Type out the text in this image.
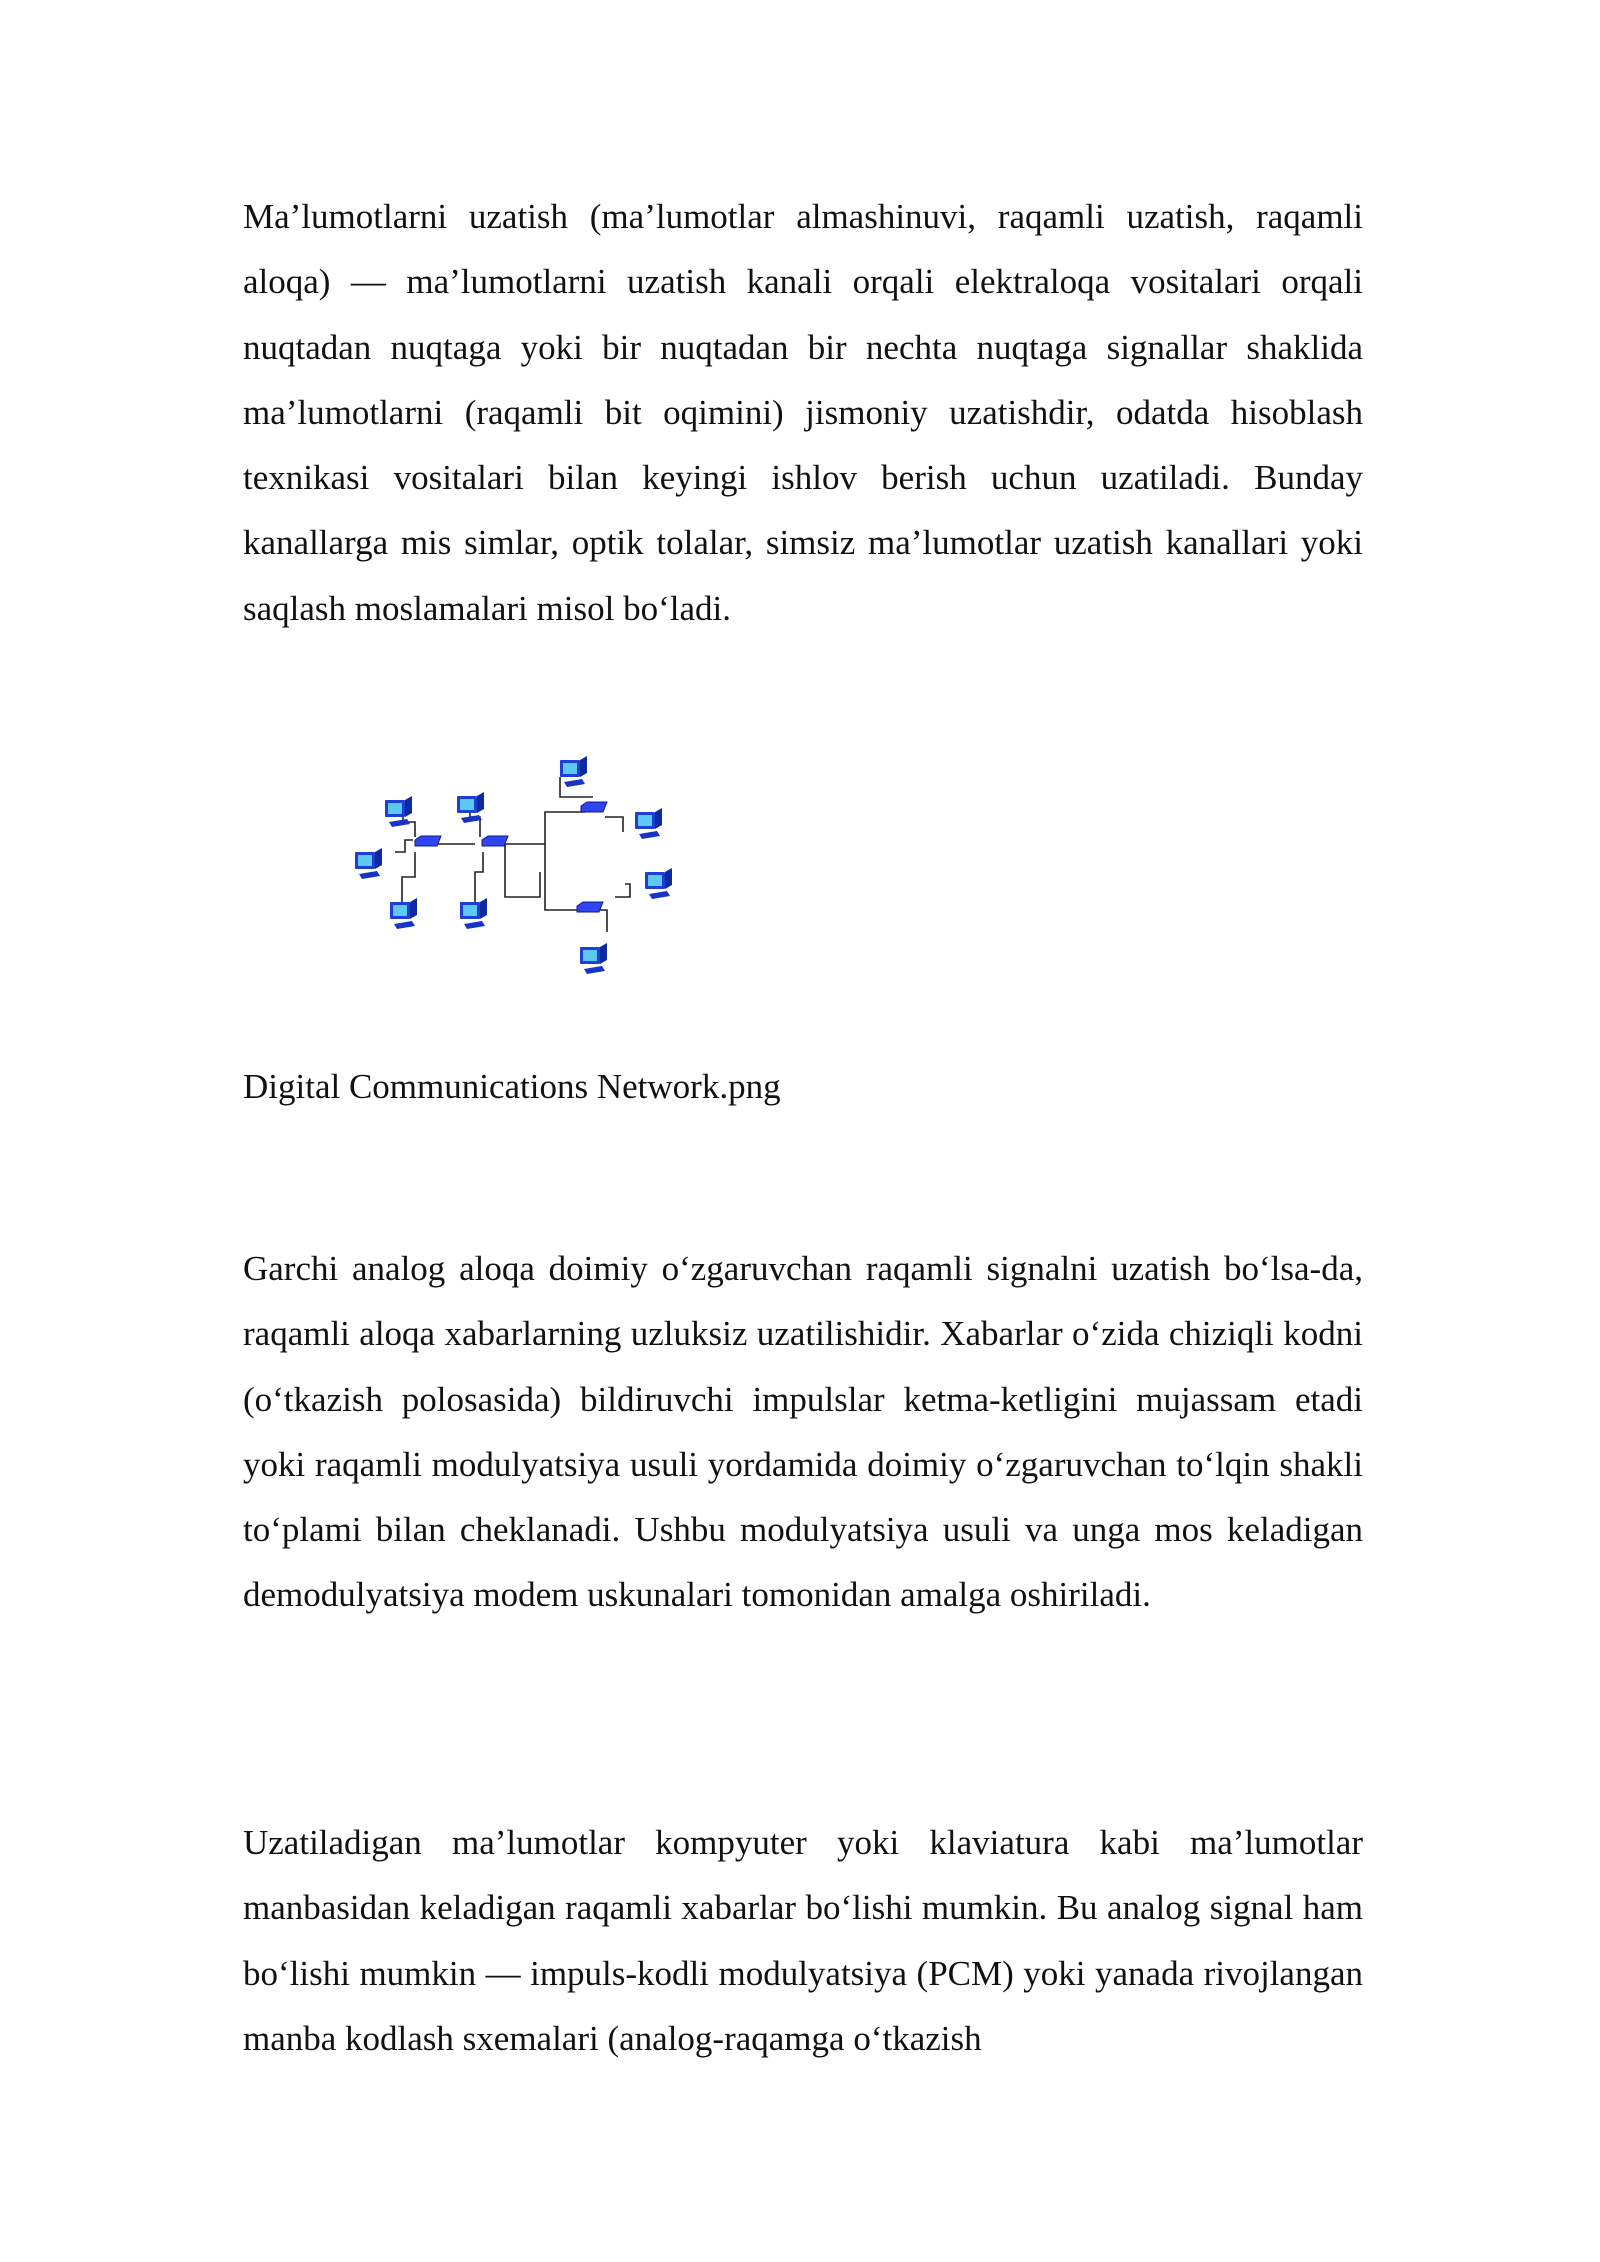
Ma’lumotlarni uzatish (ma’lumotlar almashinuvi, raqamli uzatish, raqamli aloqa) — ma’lumotlarni uzatish kanali orqali elektraloqa vositalari orqali nuqtadan nuqtaga yoki bir nuqtadan bir nechta nuqtaga signallar shaklida ma’lumotlarni (raqamli bit oqimini) jismoniy uzatishdir, odatda hisoblash texnikasi vositalari bilan keyingi ishlov berish uchun uzatiladi. Bunday kanallarga mis simlar, optik tolalar, simsiz ma’lumotlar uzatish kanallari yoki saqlash moslamalari misol bo‘ladi.

Digital Communications Network.png

Garchi analog aloqa doimiy o‘zgaruvchan raqamli signalni uzatish bo‘lsa-da, raqamli aloqa xabarlarning uzluksiz uzatilishidir. Xabarlar o‘zida chiziqli kodni (o‘tkazish polosasida) bildiruvchi impulslar ketma-ketligini mujassam etadi yoki raqamli modulyatsiya usuli yordamida doimiy o‘zgaruvchan to‘lqin shakli to‘plami bilan cheklanadi. Ushbu modulyatsiya usuli va unga mos keladigan demodulyatsiya modem uskunalari tomonidan amalga oshiriladi.

Uzatiladigan ma’lumotlar kompyuter yoki klaviatura kabi ma’lumotlar manbasidan keladigan raqamli xabarlar bo‘lishi mumkin. Bu analog signal ham bo‘lishi mumkin — impuls-kodli modulyatsiya (PCM) yoki yanada rivojlangan manba kodlash sxemalari (analog-raqamga o‘tkazish
